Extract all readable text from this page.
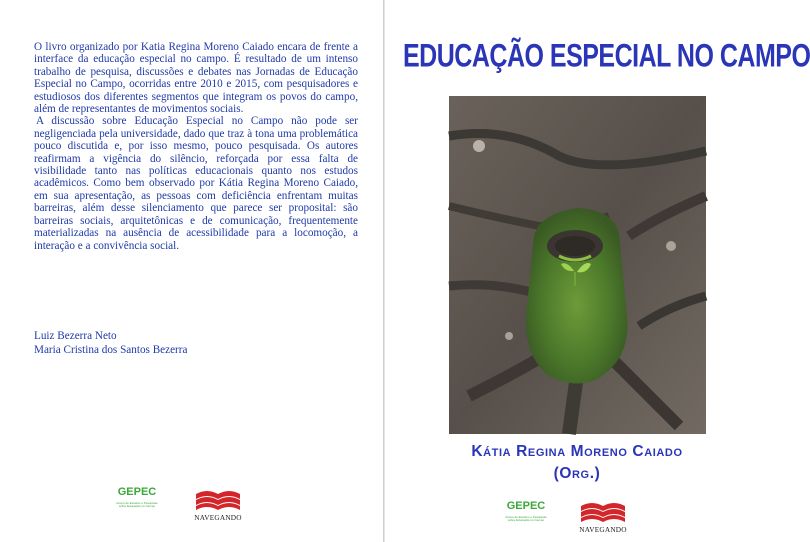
O livro organizado por Katia Regina Moreno Caiado encara de frente a interface da educação especial no campo. É resultado de um intenso trabalho de pesquisa, discussões e debates nas Jornadas de Educação Especial no Campo, ocorridas entre 2010 e 2015, com pesquisadores e estudiosos dos diferentes segmentos que integram os povos do campo, além de representantes de movimentos sociais.

A discussão sobre Educação Especial no Campo não pode ser negligenciada pela universidade, dado que traz à tona uma problemática pouco discutida e, por isso mesmo, pouco pesquisada. Os autores reafirmam a vigência do silêncio, reforçada por essa falta de visibilidade tanto nas políticas educacionais quanto nos estudos acadêmicos. Como bem observado por Kátia Regina Moreno Caiado, em sua apresentação, as pessoas com deficiência enfrentam muitas barreiras, além desse silenciamento que parece ser proposital: são barreiras sociais, arquitetônicas e de comunicação, frequentemente materializadas na ausência de acessibilidade para a locomoção, a interação e a convivência social.

Luiz Bezerra Neto
Maria Cristina dos Santos Bezerra
GEPEC
Grupo de Estudos e Pesquisas sobre Educação no Campo
NAVEGANDO
EDUCAÇÃO ESPECIAL NO CAMPO
Kátia Regina Moreno Caiado
(Org.)
GEPEC
Grupo de Estudos e Pesquisas sobre Educação no Campo
NAVEGANDO
